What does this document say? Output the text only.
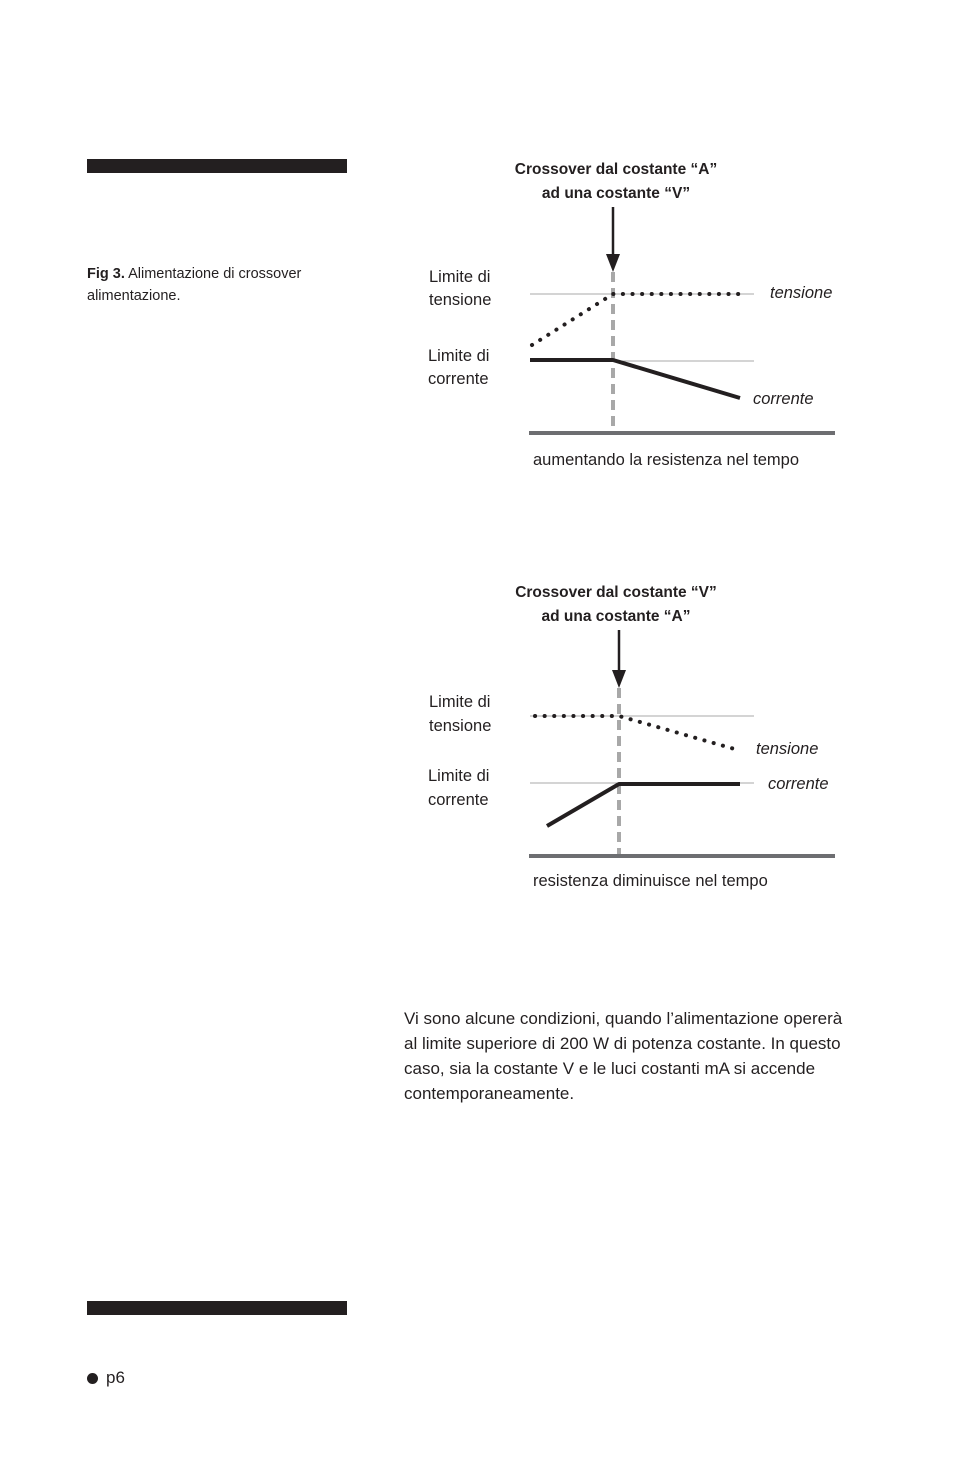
Fig 3. Alimentazione di crossover alimentazione.
Crossover dal costante “A”
ad una costante “V”
Limite di
tensione
Limite di
corrente
tensione
corrente
aumentando la resistenza nel tempo
Crossover dal costante “V”
ad una costante “A”
Limite di
tensione
Limite di
corrente
tensione
corrente
resistenza diminuisce nel tempo

Vi sono alcune condizioni, quando l’alimentazione opererà al limite superiore di 200 W di potenza costante. In questo caso, sia la costante V e le luci costanti mA si accende contemporaneamente.

p6
